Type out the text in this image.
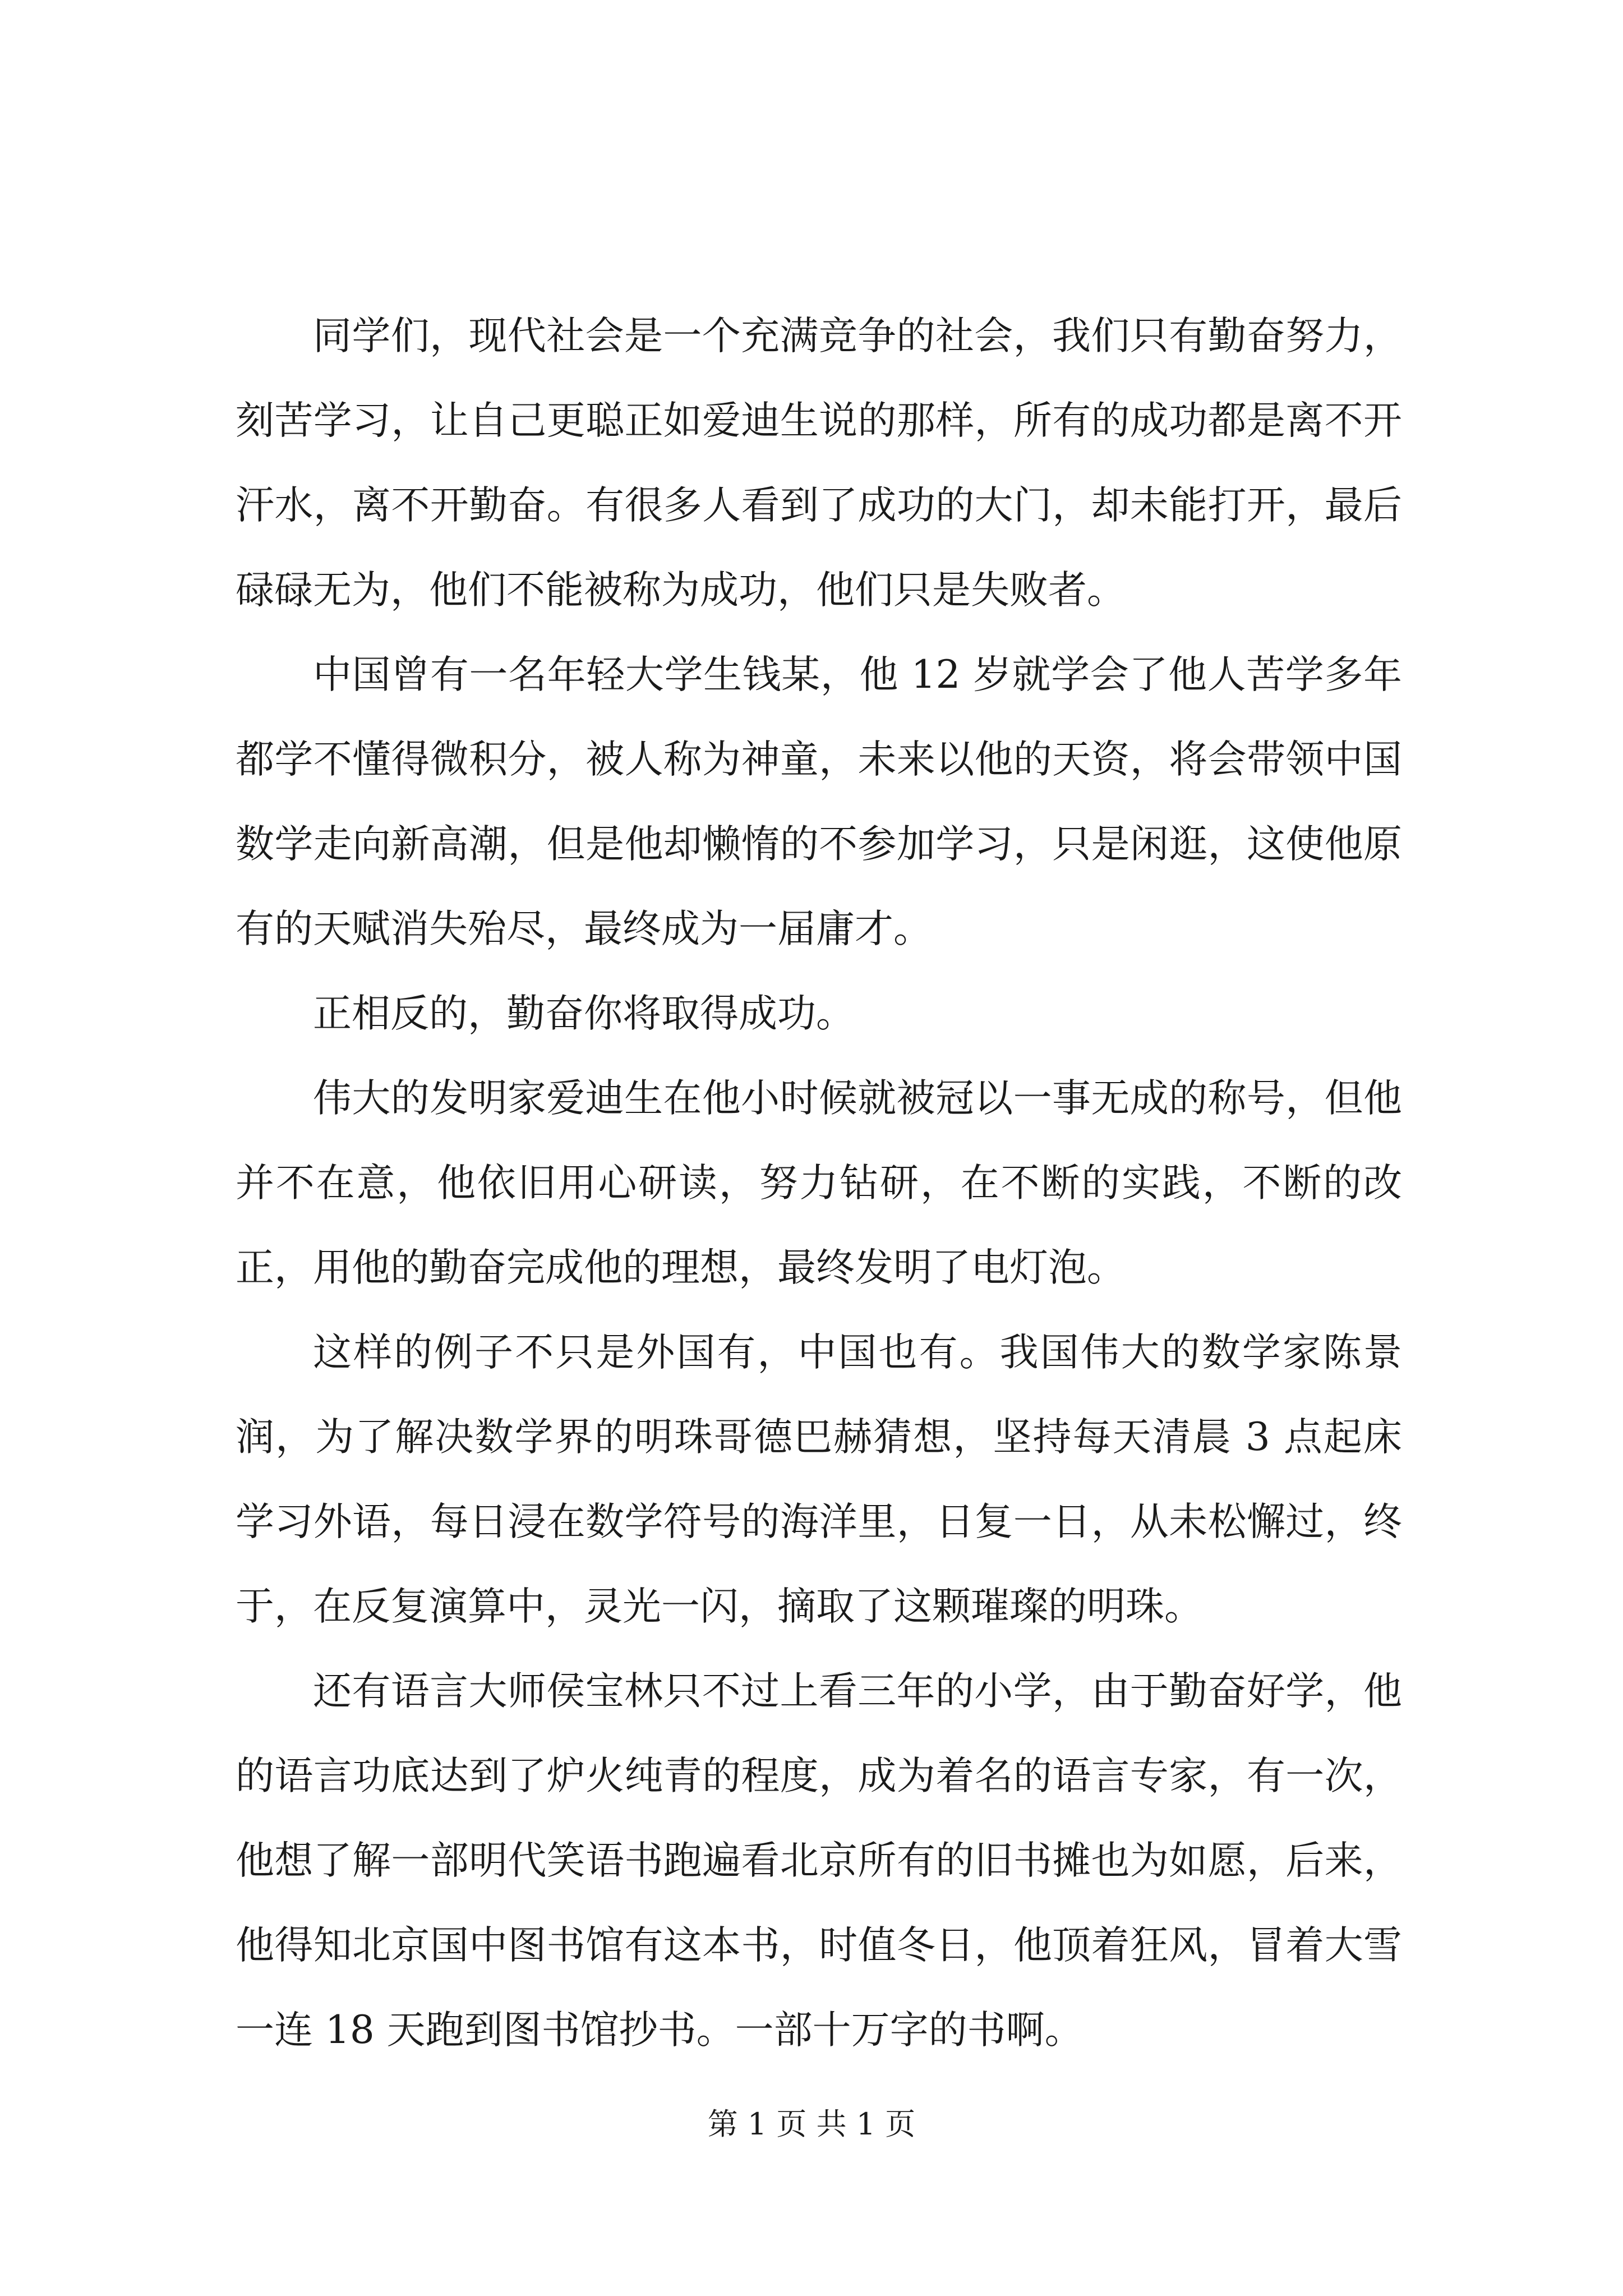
同学们，现代社会是一个充满竞争的社会，我们只有勤奋努力，刻苦学习，让自己更聪正如爱迪生说的那样，所有的成功都是离不开汗水，离不开勤奋。有很多人看到了成功的大门，却未能打开，最后碌碌无为，他们不能被称为成功，他们只是失败者。

中国曾有一名年轻大学生钱某，他 12 岁就学会了他人苦学多年都学不懂得微积分，被人称为神童，未来以他的天资，将会带领中国数学走向新高潮，但是他却懒惰的不参加学习，只是闲逛，这使他原有的天赋消失殆尽，最终成为一届庸才。

正相反的，勤奋你将取得成功。

伟大的发明家爱迪生在他小时候就被冠以一事无成的称号，但他并不在意，他依旧用心研读，努力钻研，在不断的实践，不断的改正，用他的勤奋完成他的理想，最终发明了电灯泡。

这样的例子不只是外国有，中国也有。我国伟大的数学家陈景润，为了解决数学界的明珠哥德巴赫猜想，坚持每天清晨 3 点起床学习外语，每日浸在数学符号的海洋里，日复一日，从未松懈过，终于，在反复演算中，灵光一闪，摘取了这颗璀璨的明珠。

还有语言大师侯宝林只不过上看三年的小学，由于勤奋好学，他的语言功底达到了炉火纯青的程度，成为着名的语言专家，有一次，他想了解一部明代笑语书跑遍看北京所有的旧书摊也为如愿，后来，他得知北京国中图书馆有这本书，时值冬日，他顶着狂风，冒着大雪一连 18 天跑到图书馆抄书。一部十万字的书啊。

第 1 页 共 1 页
